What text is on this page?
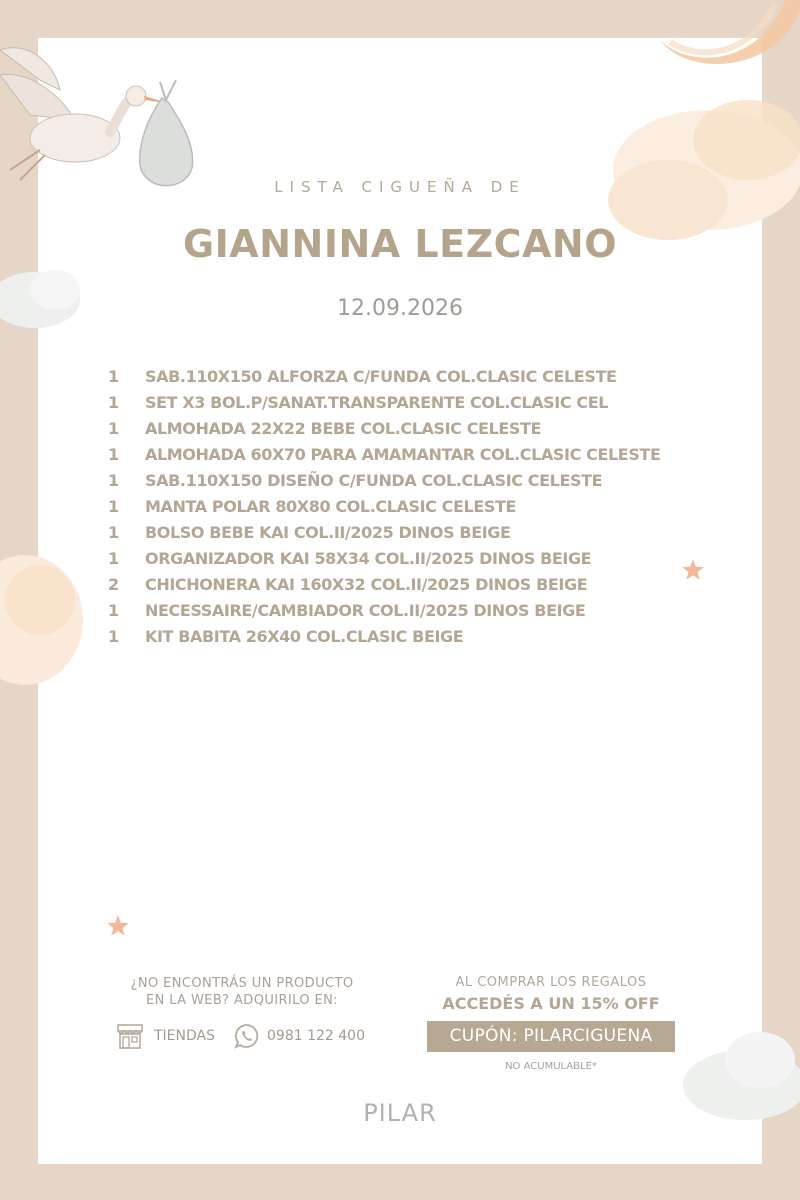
LISTA CIGUEÑA DE
GIANNINA LEZCANO
12.09.2026
1	SAB.110X150 ALFORZA C/FUNDA COL.CLASIC CELESTE
1	SET X3 BOL.P/SANAT.TRANSPARENTE COL.CLASIC CEL
1	ALMOHADA 22X22 BEBE COL.CLASIC CELESTE
1	ALMOHADA 60X70 PARA AMAMANTAR COL.CLASIC CELESTE
1	SAB.110X150 DISEÑO C/FUNDA COL.CLASIC CELESTE
1	MANTA POLAR 80X80 COL.CLASIC CELESTE
1	BOLSO BEBE KAI COL.II/2025 DINOS BEIGE
1	ORGANIZADOR KAI 58X34 COL.II/2025 DINOS BEIGE
2	CHICHONERA KAI 160X32 COL.II/2025 DINOS BEIGE
1	NECESSAIRE/CAMBIADOR COL.II/2025 DINOS BEIGE
1	KIT BABITA 26X40 COL.CLASIC BEIGE
¿NO ENCONTRÁS UN PRODUCTO
EN LA WEB? ADQUIRILO EN:
TIENDAS	0981 122 400
AL COMPRAR LOS REGALOS
ACCEDÉS A UN 15% OFF
CUPÓN: PILARCIGUENA
NO ACUMULABLE*
PILAR
